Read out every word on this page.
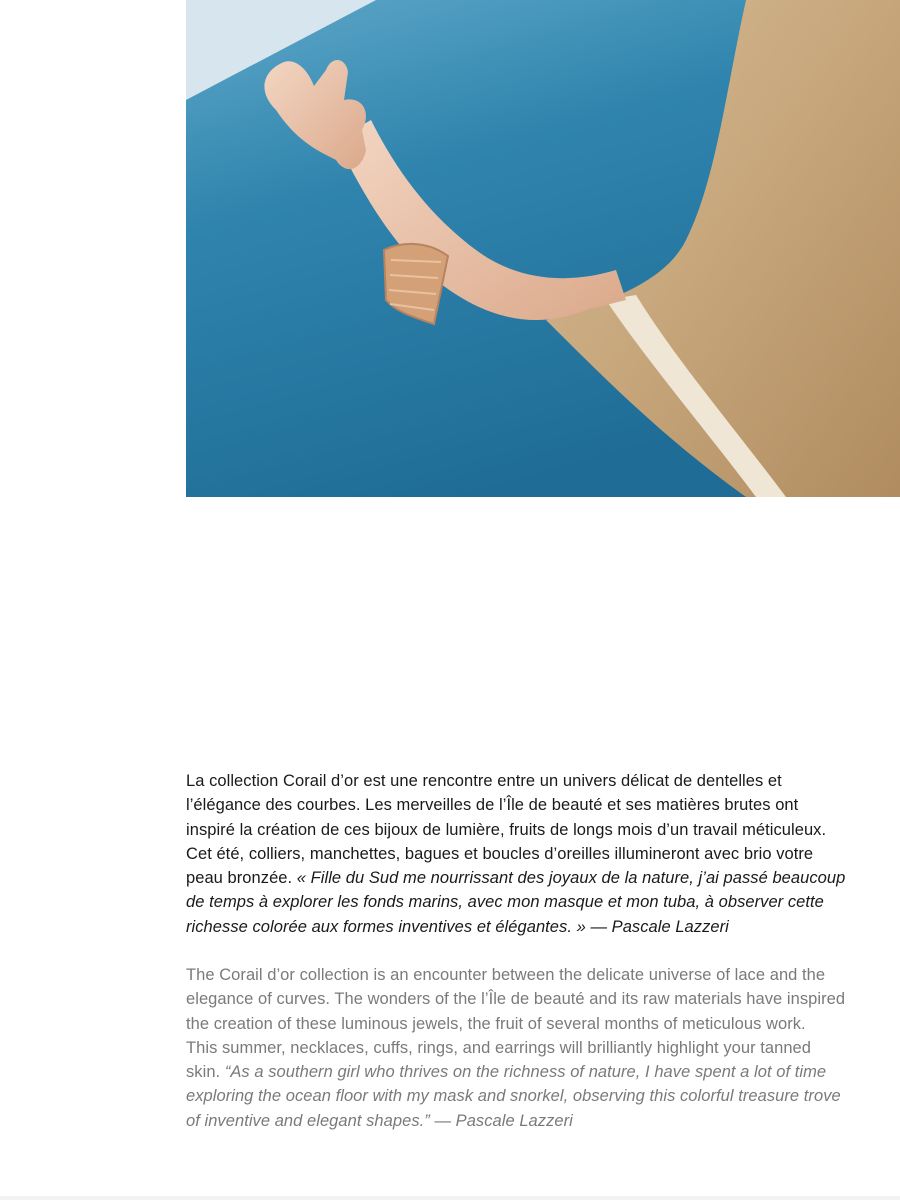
La collection Corail d’or est une rencontre entre un univers délicat de dentelles et l’élégance des courbes. Les merveilles de l’Île de beauté et ses matières brutes ont inspiré la création de ces bijoux de lumière, fruits de longs mois d’un travail méticuleux.

Cet été, colliers, manchettes, bagues et boucles d’oreilles illumineront avec brio votre peau bronzée. « Fille du Sud me nourrissant des joyaux de la nature, j’ai passé beaucoup de temps à explorer les fonds marins, avec mon masque et mon tuba, à observer cette richesse colorée aux formes inventives et élégantes. » — Pascale Lazzeri

The Corail d’or collection is an encounter between the delicate universe of lace and the elegance of curves. The wonders of the l’Île de beauté and its raw materials have inspired the creation of these luminous jewels, the fruit of several months of meticulous work.

This summer, necklaces, cuffs, rings, and earrings will brilliantly highlight your tanned skin. “As a southern girl who thrives on the richness of nature, I have spent a lot of time exploring the ocean floor with my mask and snorkel, observing this colorful treasure trove of inventive and elegant shapes.” — Pascale Lazzeri
